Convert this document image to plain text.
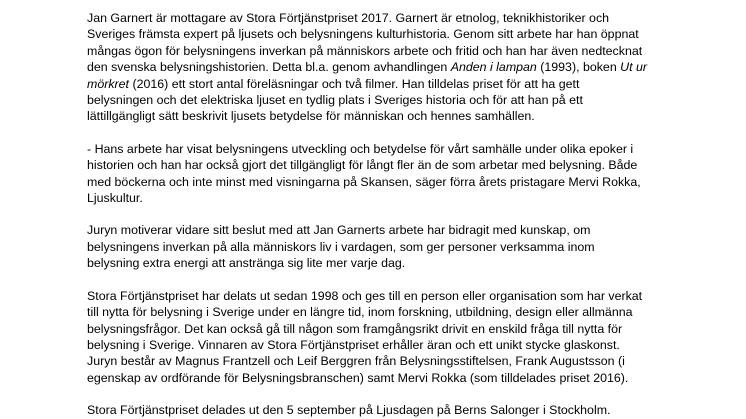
Jan Garnert är mottagare av Stora Förtjänstpriset 2017. Garnert är etnolog, teknikhistoriker och
Sveriges främsta expert på ljusets och belysningens kulturhistoria. Genom sitt arbete har han öppnat
mångas ögon för belysningens inverkan på människors arbete och fritid och han har även nedtecknat
den svenska belysningshistorien. Detta bl.a. genom avhandlingen Anden i lampan (1993), boken Ut ur
mörkret (2016) ett stort antal föreläsningar och två filmer. Han tilldelas priset för att ha gett
belysningen och det elektriska ljuset en tydlig plats i Sveriges historia och för att han på ett
lättillgängligt sätt beskrivit ljusets betydelse för människan och hennes samhällen.

- Hans arbete har visat belysningens utveckling och betydelse för vårt samhälle under olika epoker i
historien och han har också gjort det tillgängligt för långt fler än de som arbetar med belysning. Både
med böckerna och inte minst med visningarna på Skansen, säger förra årets pristagare Mervi Rokka,
Ljuskultur.

Juryn motiverar vidare sitt beslut med att Jan Garnerts arbete har bidragit med kunskap, om
belysningens inverkan på alla människors liv i vardagen, som ger personer verksamma inom
belysning extra energi att anstränga sig lite mer varje dag.

Stora Förtjänstpriset har delats ut sedan 1998 och ges till en person eller organisation som har verkat
till nytta för belysning i Sverige under en längre tid, inom forskning, utbildning, design eller allmänna
belysningsfrågor. Det kan också gå till någon som framgångsrikt drivit en enskild fråga till nytta för
belysning i Sverige. Vinnaren av Stora Förtjänstpriset erhåller äran och ett unikt stycke glaskonst.
Juryn består av Magnus Frantzell och Leif Berggren från Belysningsstiftelsen, Frank Augustsson (i
egenskap av ordförande för Belysningsbranschen) samt Mervi Rokka (som tilldelades priset 2016).

Stora Förtjänstpriset delades ut den 5 september på Ljusdagen på Berns Salonger i Stockholm.
